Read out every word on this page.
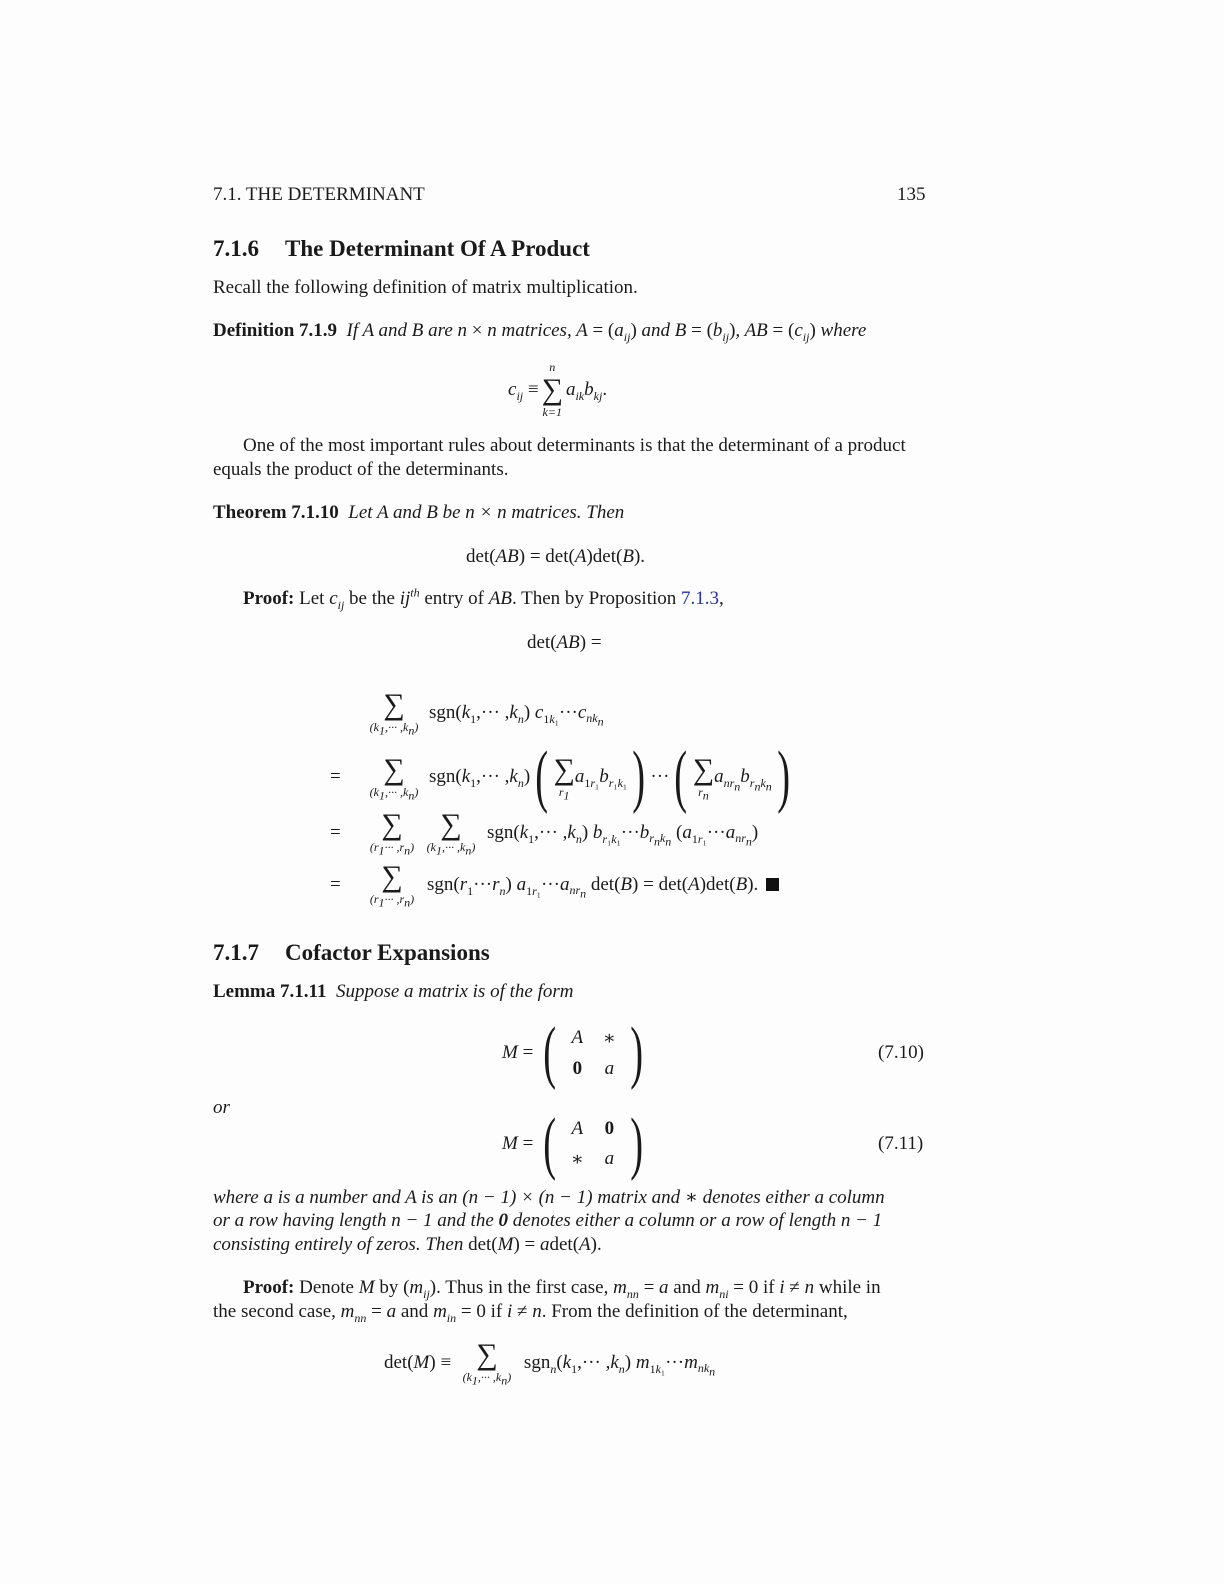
7.1. THE DETERMINANT	135
7.1.6 The Determinant Of A Product
Recall the following definition of matrix multiplication.
Definition 7.1.9 If A and B are n × n matrices, $A = (a_{ij})$ and $B = (b_{ij})$, AB = $(c_{ij})$ where
$c_{ij}$ ≡
n
∑
k=1
$a_{ik}b_{kj}$.
One of the most important rules about determinants is that the determinant of a product
equals the product of the determinants.
Theorem 7.1.10 Let A and B be n × n matrices. Then
det(AB) = det(A)det(B).
Proof: Let $c_{ij}$ be the $ij^{th}$ entry of AB. Then by Proposition 7.1.3,
det(AB) =
∑
$(k_1,\cdot\cdot\cdot ,k_n)$
$sgn(k_1,\cdot\cdot\cdot ,k_n)$ $c_{1k_1}\cdot\cdot\cdot c_{nk_n}$
=	∑
$(k_1,\cdot\cdot\cdot ,k_n)$
$sgn(k_1,\cdot\cdot\cdot ,k_n)$ ( ∑
$r_1$
$a_{1r_1}b_{r_1k_1}$ ) ··· ( ∑
$r_n$
$a_{nr_n}b_{r_nk_n}$ )
=	∑
$(r_1\cdot\cdot\cdot ,r_n)$
∑
$(k_1,\cdot\cdot\cdot ,k_n)$
$sgn(k_1,\cdot\cdot\cdot ,k_n)$ $b_{r_1k_1}\cdot\cdot\cdot b_{r_nk_n}$ $(a_{1r_1}\cdot\cdot\cdot a_{nr_n})$
=	∑
$(r_1\cdot\cdot\cdot ,r_n)$
$sgn(r_1\cdot\cdot\cdot r_n)$ $a_{1r_1}\cdot\cdot\cdot a_{nr_n}$ det(B) = det(A)det(B).
7.1.7 Cofactor Expansions
Lemma 7.1.11 Suppose a matrix is of the form
M = ( A	∗
0	a )	(7.10)
or
M = ( A	0
∗	a )	(7.11)
where a is a number and A is an (n − 1) × (n − 1) matrix and ∗ denotes either a column
or a row having length n − 1 and the 0 denotes either a column or a row of length n − 1
consisting entirely of zeros. Then det(M) = adet(A).
Proof: Denote M by $(m_{ij})$. Thus in the first case, $m_{nn} = a$ and $m_{ni} = 0$ if i ≠ n while in
the second case, $m_{nn} = a$ and $m_{in} = 0$ if i ≠ n. From the definition of the determinant,
det(M) ≡ ∑
$(k_1,\cdot\cdot\cdot ,k_n)$
$sgn_n(k_1,\cdot\cdot\cdot ,k_n)$ $m_{1k_1}\cdot\cdot\cdot m_{nk_n}$
